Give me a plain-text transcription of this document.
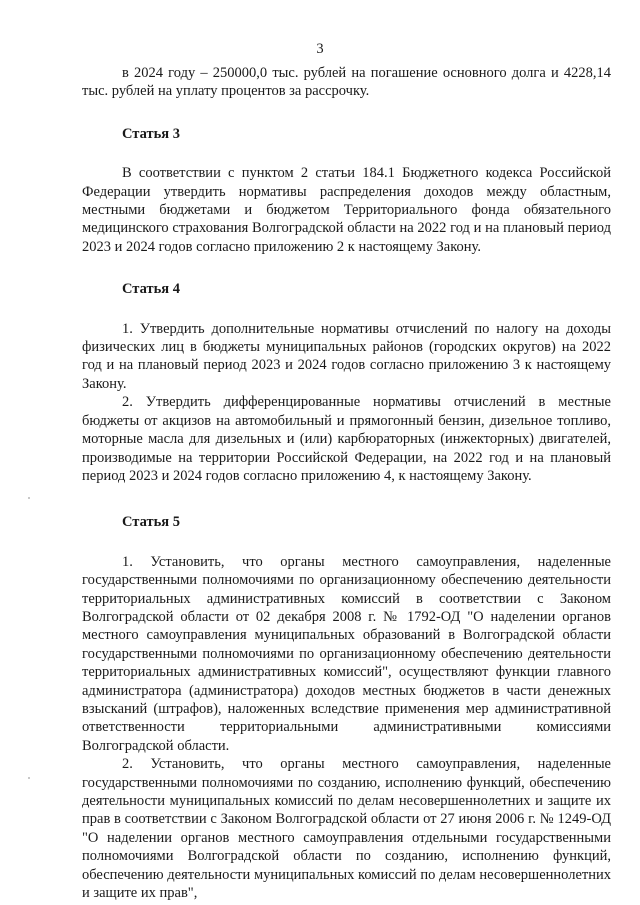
3

в 2024 году – 250000,0 тыс. рублей на погашение основного долга и 4228,14 тыс. рублей на уплату процентов за рассрочку.

Статья 3

В соответствии с пунктом 2 статьи 184.1 Бюджетного кодекса Российской Федерации утвердить нормативы распределения доходов между областным, местными бюджетами и бюджетом Территориального фонда обязательного медицинского страхования Волгоградской области на 2022 год и на плановый период 2023 и 2024 годов согласно приложению 2 к настоящему Закону.

Статья 4

1. Утвердить дополнительные нормативы отчислений по налогу на доходы физических лиц в бюджеты муниципальных районов (городских округов) на 2022 год и на плановый период 2023 и 2024 годов согласно приложению 3 к настоящему Закону.

2. Утвердить дифференцированные нормативы отчислений в местные бюджеты от акцизов на автомобильный и прямогонный бензин, дизельное топливо, моторные масла для дизельных и (или) карбюраторных (инжекторных) двигателей, производимые на территории Российской Федерации, на 2022 год и на плановый период 2023 и 2024 годов согласно приложению 4, к настоящему Закону.

Статья 5

1. Установить, что органы местного самоуправления, наделенные государственными полномочиями по организационному обеспечению деятельности территориальных административных комиссий в соответствии с Законом Волгоградской области от 02 декабря 2008 г. № 1792-ОД "О наделении органов местного самоуправления муниципальных образований в Волгоградской области государственными полномочиями по организационному обеспечению деятельности территориальных административных комиссий", осуществляют функции главного администратора (администратора) доходов местных бюджетов в части денежных взысканий (штрафов), наложенных вследствие применения мер административной ответственности территориальными административными комиссиями Волгоградской области.

2. Установить, что органы местного самоуправления, наделенные государственными полномочиями по созданию, исполнению функций, обеспечению деятельности муниципальных комиссий по делам несовершеннолетних и защите их прав в соответствии с Законом Волгоградской области от 27 июня 2006 г. № 1249-ОД "О наделении органов местного самоуправления отдельными государственными полномочиями Волгоградской области по созданию, исполнению функций, обеспечению деятельности муниципальных комиссий по делам несовершеннолетних и защите их прав",
